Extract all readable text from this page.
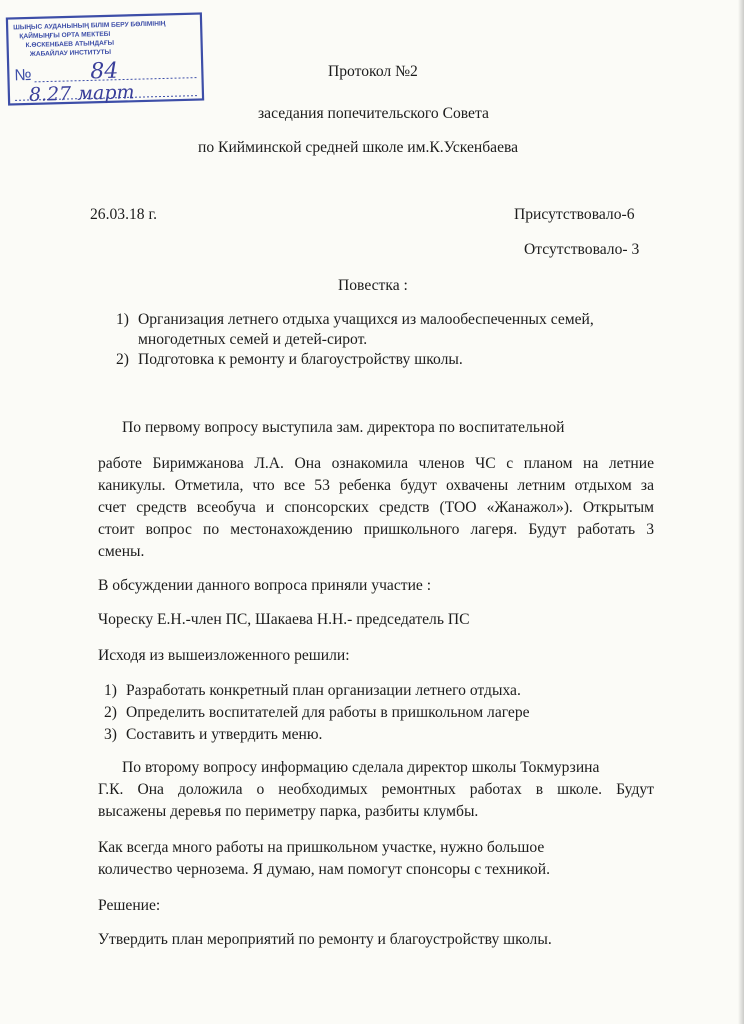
ШЫҢЫС АУДАНЫНЫҢ БІЛІМ БЕРУ БӨЛІМІНІҢ
ҚАЙМЫҢҒЫ ОРТА МЕКТЕБІ
К.ӨСКЕНБАЕВ АТЫНДАҒЫ
ЖАБАЙЛАУ ИНСТИТУТЫ
№	84
8.27 март
Протокол №2
заседания попечительского Совета
по Кийминской средней школе им.К.Ускенбаева
26.03.18 г.	Присутствовало-6
Отсутствовало- 3
Повестка :
1) Организация летнего отдыха учащихся из малообеспеченных семей,
многодетных семей и детей-сирот.
2) Подготовка к ремонту и благоустройству школы.
По первому вопросу выступила зам. директора по воспитательной
работе Биримжанова Л.А. Она ознакомила членов ЧС с планом на летние
каникулы. Отметила, что все 53 ребенка будут охвачены летним отдыхом за
счет средств всеобуча и спонсорских средств (ТОО «Жанажол»). Открытым
стоит вопрос по местонахождению пришкольного лагеря. Будут работать 3
смены.
В обсуждении данного вопроса приняли участие :
Чореску Е.Н.-член ПС, Шакаева Н.Н.- председатель ПС
Исходя из вышеизложенного решили:
1) Разработать конкретный план организации летнего отдыха.
2) Определить воспитателей для работы в пришкольном лагере
3) Составить и утвердить меню.
По второму вопросу информацию сделала директор школы Токмурзина
Г.К. Она доложила о необходимых ремонтных работах в школе. Будут
высажены деревья по периметру парка, разбиты клумбы.
Как всегда много работы на пришкольном участке, нужно большое
количество чернозема. Я думаю, нам помогут спонсоры с техникой.
Решение:
Утвердить план мероприятий по ремонту и благоустройству школы.
